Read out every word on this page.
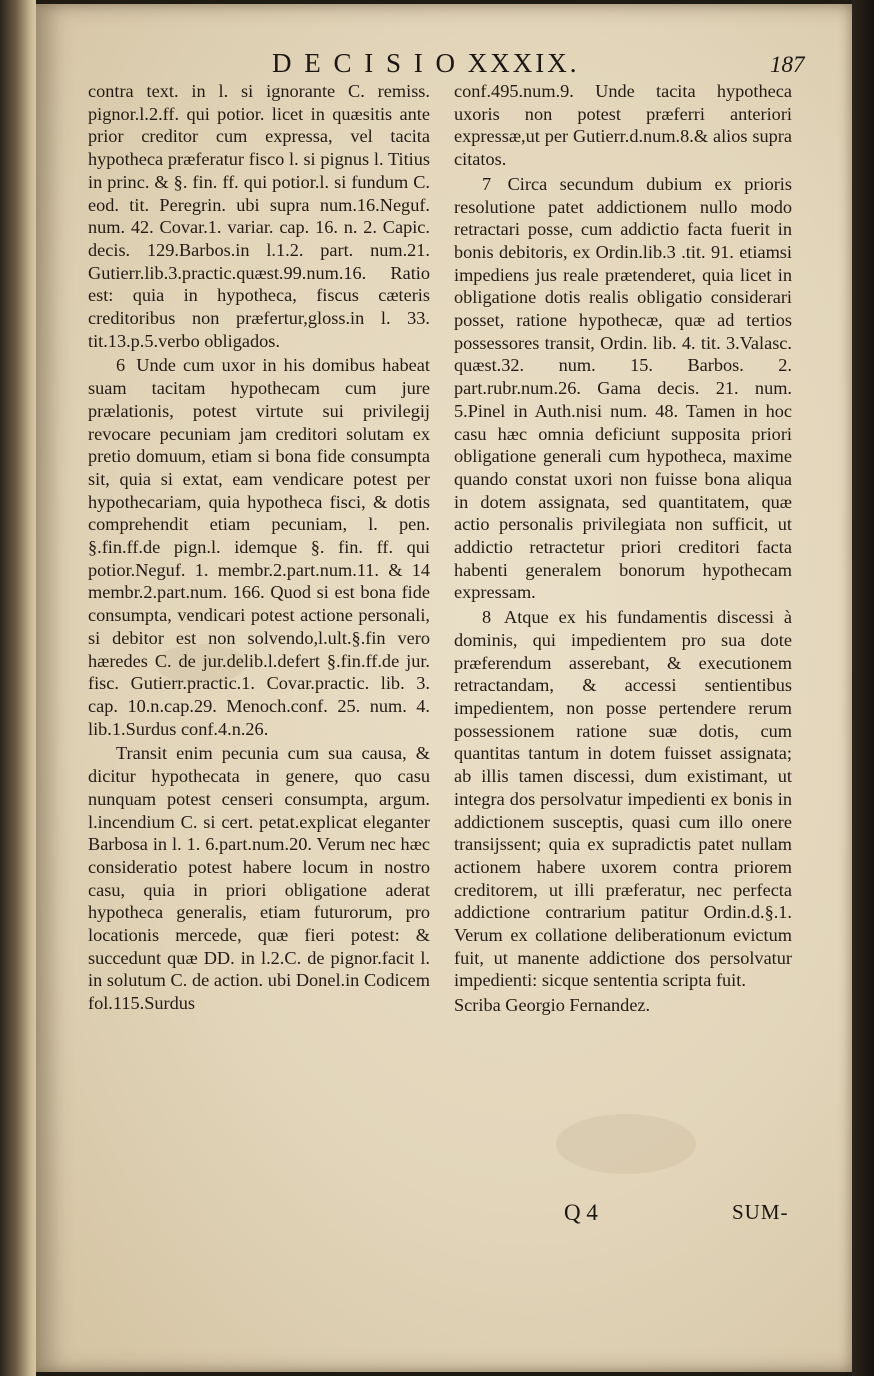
D E C I S I O XXXIX.	187

contra text. in l. si ignorante C. remiss. pignor.l.2.ff. qui potior. licet in quæsitis ante prior creditor cum expressa, vel tacita hypotheca præferatur fisco l. si pignus l. Titius in princ. & §. fin. ff. qui potior.l. si fundum C. eod. tit. Peregrin. ubi supra num.16.Neguf. num. 42. Covar.1. variar. cap. 16. n. 2. Capic. decis. 129.Barbos.in l.1.2. part. num.21. Gutierr.lib.3.practic.quæst.99.num.16. Ratio est: quia in hypotheca, fiscus cæteris creditoribus non præfertur,gloss.in l. 33. tit.13.p.5.verbo obligados.

6 Unde cum uxor in his domibus habeat suam tacitam hypothecam cum jure prælationis, potest virtute sui privilegij revocare pecuniam jam creditori solutam ex pretio domuum, etiam si bona fide consumpta sit, quia si extat, eam vendicare potest per hypothecariam, quia hypotheca fisci, & dotis comprehendit etiam pecuniam, l. pen. §.fin.ff.de pign.l. idemque §. fin. ff. qui potior.Neguf. 1. membr.2.part.num.11. & 14 membr.2.part.num. 166. Quod si est bona fide consumpta, vendicari potest actione personali, si debitor est non solvendo,l.ult.§.fin vero hæredes C. de jur.delib.l.defert §.fin.ff.de jur. fisc. Gutierr.practic.1. Covar.practic. lib. 3. cap. 10.n.cap.29. Menoch.conf. 25. num. 4. lib.1.Surdus conf.4.n.26.

Transit enim pecunia cum sua causa, & dicitur hypothecata in genere, quo casu nunquam potest censeri consumpta, argum. l.incendium C. si cert. petat.explicat eleganter Barbosa in l. 1. 6.part.num.20. Verum nec hæc consideratio potest habere locum in nostro casu, quia in priori obligatione aderat hypotheca generalis, etiam futurorum, pro locationis mercede, quæ fieri potest: & succedunt quæ DD. in l.2.C. de pignor.facit l. in solutum C. de action. ubi Donel.in Codicem fol.115.Surdus

conf.495.num.9. Unde tacita hypotheca uxoris non potest præferri anteriori expressæ,ut per Gutierr.d.num.8.& alios supra citatos.

7 Circa secundum dubium ex prioris resolutione patet addictionem nullo modo retractari posse, cum addictio facta fuerit in bonis debitoris, ex Ordin.lib.3 .tit. 91. etiamsi impediens jus reale prætenderet, quia licet in obligatione dotis realis obligatio considerari posset, ratione hypothecæ, quæ ad tertios possessores transit, Ordin. lib. 4. tit. 3.Valasc. quæst.32. num. 15. Barbos. 2. part.rubr.num.26. Gama decis. 21. num. 5.Pinel in Auth.nisi num. 48. Tamen in hoc casu hæc omnia deficiunt supposita priori obligatione generali cum hypotheca, maxime quando constat uxori non fuisse bona aliqua in dotem assignata, sed quantitatem, quæ actio personalis privilegiata non sufficit, ut addictio retractetur priori creditori facta habenti generalem bonorum hypothecam expressam.

8 Atque ex his fundamentis discessi à dominis, qui impedientem pro sua dote præferendum asserebant, & executionem retractandam, & accessi sentientibus impedientem, non posse pertendere rerum possessionem ratione suæ dotis, cum quantitas tantum in dotem fuisset assignata; ab illis tamen discessi, dum existimant, ut integra dos persolvatur impedienti ex bonis in addictionem susceptis, quasi cum illo onere transijssent; quia ex supradictis patet nullam actionem habere uxorem contra priorem creditorem, ut illi præferatur, nec perfecta addictione contrarium patitur Ordin.d.§.1. Verum ex collatione deliberationum evictum fuit, ut manente addictione dos persolvatur impedienti: sicque sententia scripta fuit.

Scriba Georgio Fernandez.

Q 4	SUM-
